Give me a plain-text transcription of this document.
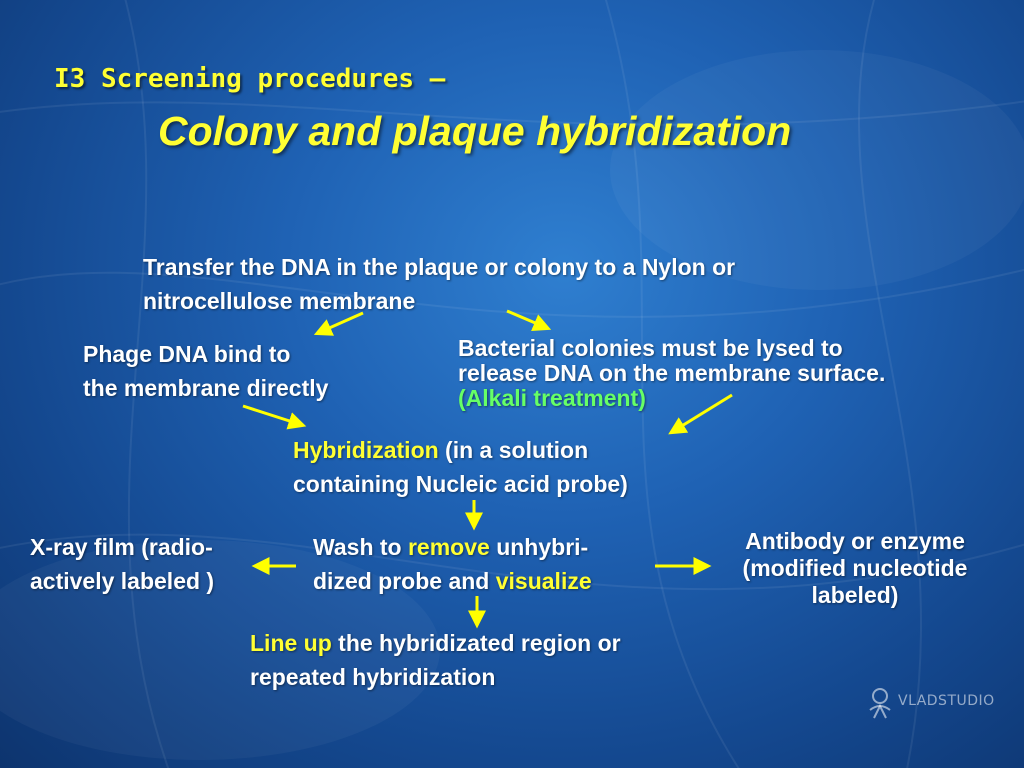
I3 Screening procedures —
Colony and plaque hybridization
Transfer the DNA in the plaque or colony to a Nylon or
nitrocellulose membrane
Phage DNA bind to
the membrane directly
Bacterial colonies must be lysed to
release DNA on the membrane surface.
(Alkali treatment)
Hybridization (in a solution
containing Nucleic acid probe)
X-ray film (radio-
actively labeled )
Wash to remove unhybri-
dized probe and visualize
Antibody or enzyme
(modified nucleotide
labeled)
Line up the hybridizated region or
repeated hybridization
VLADSTUDIO
